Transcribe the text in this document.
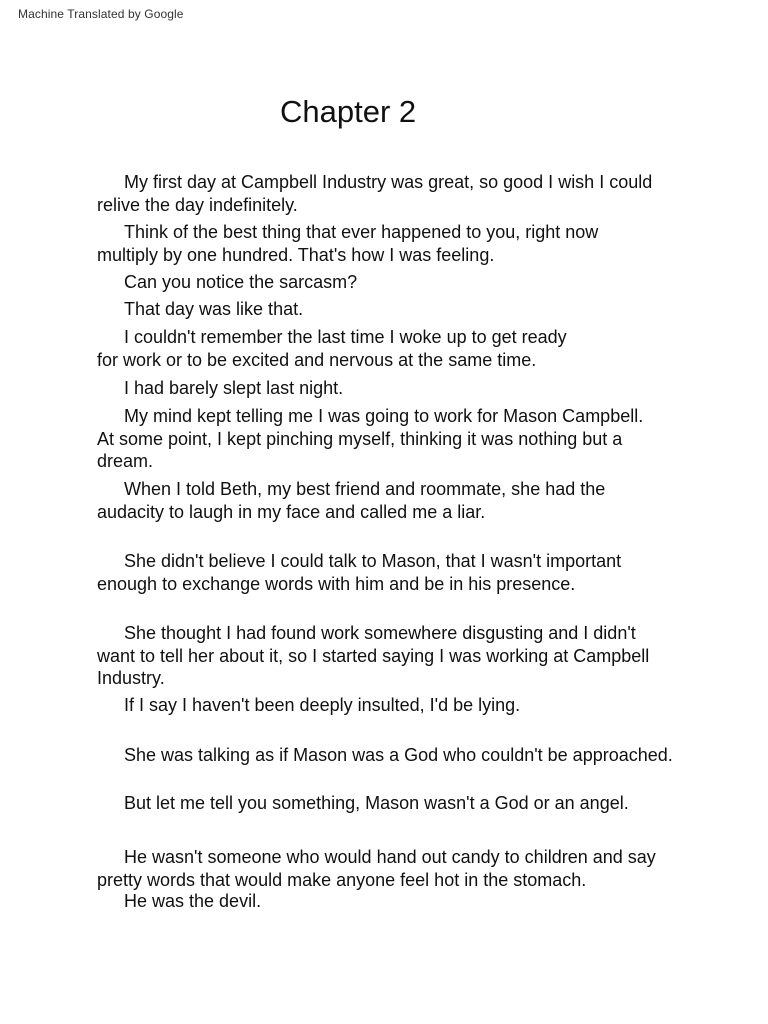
Machine Translated by Google
Chapter 2

My first day at Campbell Industry was great, so good I wish I could
relive the day indefinitely.

Think of the best thing that ever happened to you, right now
multiply by one hundred. That's how I was feeling.

Can you notice the sarcasm?

That day was like that.

I couldn't remember the last time I woke up to get ready
for work or to be excited and nervous at the same time.

I had barely slept last night.

My mind kept telling me I was going to work for Mason Campbell.
At some point, I kept pinching myself, thinking it was nothing but a
dream.

When I told Beth, my best friend and roommate, she had the
audacity to laugh in my face and called me a liar.

She didn't believe I could talk to Mason, that I wasn't important
enough to exchange words with him and be in his presence.

She thought I had found work somewhere disgusting and I didn't
want to tell her about it, so I started saying I was working at Campbell
Industry.

If I say I haven't been deeply insulted, I'd be lying.

She was talking as if Mason was a God who couldn't be approached.

But let me tell you something, Mason wasn't a God or an angel.

He wasn't someone who would hand out candy to children and say
pretty words that would make anyone feel hot in the stomach.

He was the devil.
